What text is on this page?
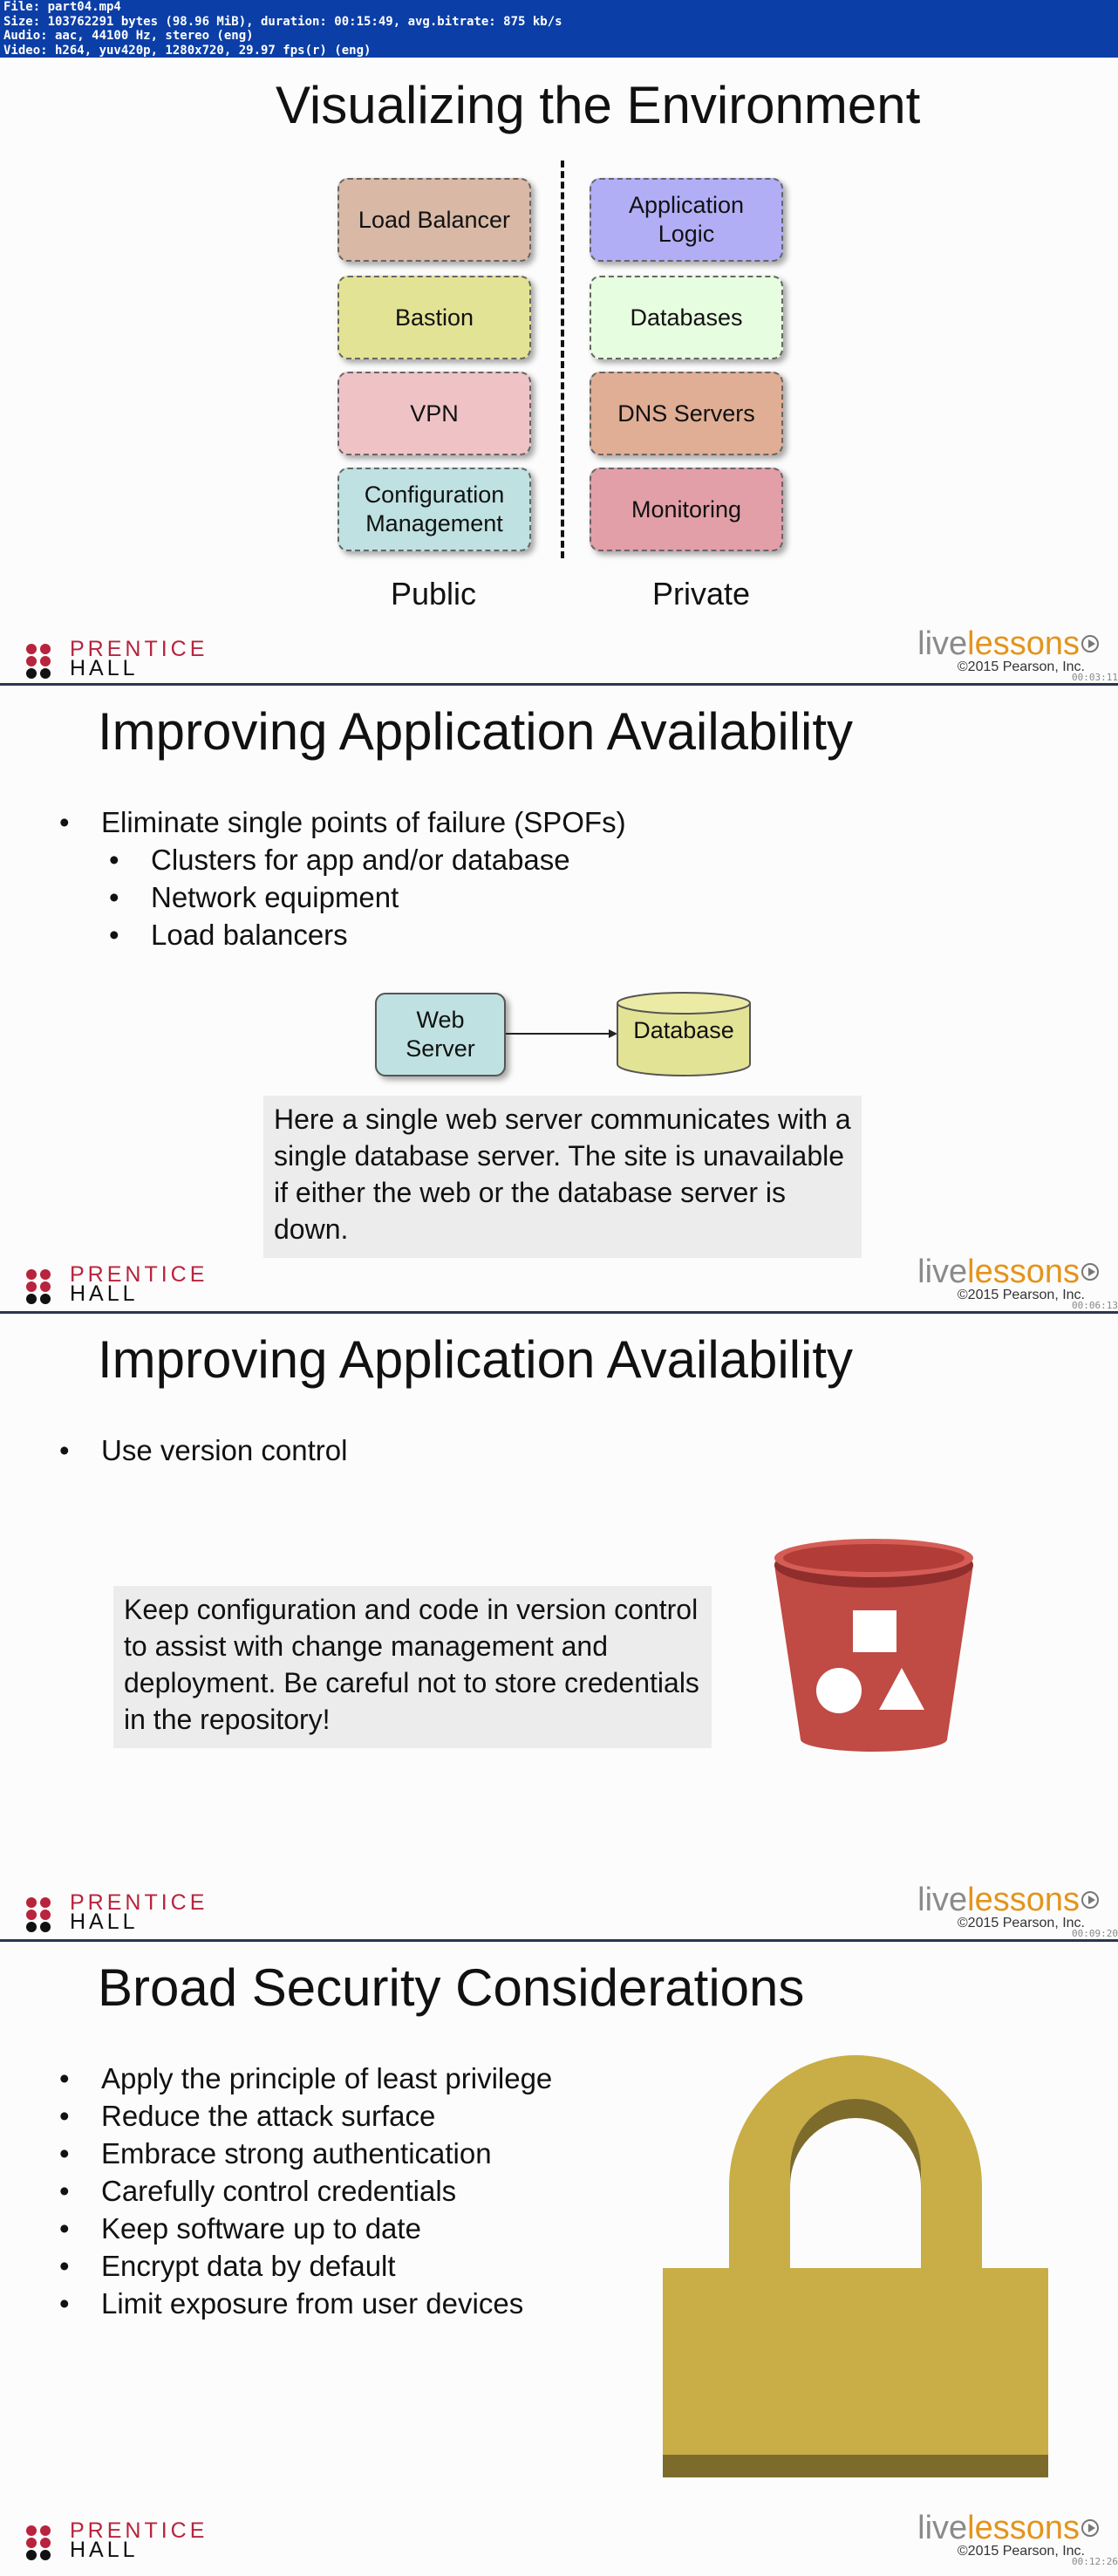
File: part04.mp4
Size: 103762291 bytes (98.96 MiB), duration: 00:15:49, avg.bitrate: 875 kb/s
Audio: aac, 44100 Hz, stereo (eng)
Video: h264, yuv420p, 1280x720, 29.97 fps(r) (eng)
Visualizing the Environment
Load Balancer
Bastion
VPN
Configuration Management
Application Logic
Databases
DNS Servers
Monitoring
Public	Private
PRENTICE
HALL
livelessons
©2015 Pearson, Inc.
00:03:11
Improving Application Availability
• Eliminate single points of failure (SPOFs)
• Clusters for app and/or database
• Network equipment
• Load balancers
Web Server
Database
Here a single web server communicates with a single database server. The site is unavailable if either the web or the database server is down.
PRENTICE
HALL
livelessons
©2015 Pearson, Inc.
00:06:13
Improving Application Availability
• Use version control
Keep configuration and code in version control to assist with change management and deployment. Be careful not to store credentials in the repository!
PRENTICE
HALL
livelessons
©2015 Pearson, Inc.
00:09:20
Broad Security Considerations
• Apply the principle of least privilege
• Reduce the attack surface
• Embrace strong authentication
• Carefully control credentials
• Keep software up to date
• Encrypt data by default
• Limit exposure from user devices
PRENTICE
HALL
livelessons
©2015 Pearson, Inc.
00:12:26
